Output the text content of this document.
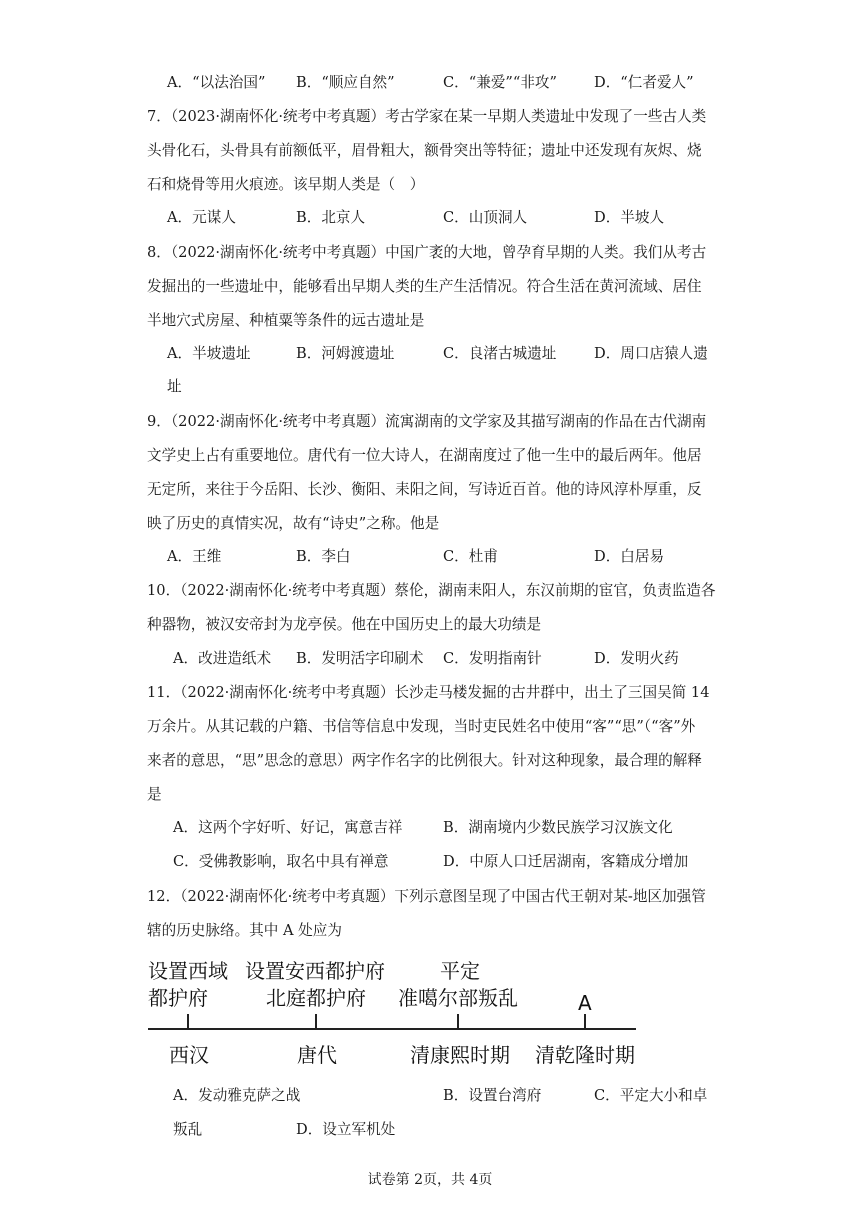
A．“以法治国” B．“顺应自然”	C．“兼爱”“非攻”	D．“仁者爱人”
7．（2023·湖南怀化·统考中考真题）考古学家在某一早期人类遗址中发现了一些古人类
头骨化石，头骨具有前额低平，眉骨粗大，额骨突出等特征；遗址中还发现有灰烬、烧
石和烧骨等用火痕迹。该早期人类是（　）
A．元谋人	B．北京人	C．山顶洞人	D．半坡人
8．（2022·湖南怀化·统考中考真题）中国广袤的大地，曾孕育早期的人类。我们从考古
发掘出的一些遗址中，能够看出早期人类的生产生活情况。符合生活在黄河流域、居住
半地穴式房屋、种植粟等条件的远古遗址是
A．半坡遗址	B．河姆渡遗址	C．良渚古城遗址	D．周口店猿人遗
址
9．（2022·湖南怀化·统考中考真题）流寓湖南的文学家及其描写湖南的作品在古代湖南
文学史上占有重要地位。唐代有一位大诗人，在湖南度过了他一生中的最后两年。他居
无定所，来往于今岳阳、长沙、衡阳、耒阳之间，写诗近百首。他的诗风淳朴厚重，反
映了历史的真情实况，故有“诗史”之称。他是
A．王维	B．李白	C．杜甫	D．白居易
10．（2022·湖南怀化·统考中考真题）蔡伦，湖南耒阳人，东汉前期的宦官，负责监造各
种器物，被汉安帝封为龙亭侯。他在中国历史上的最大功绩是
A．改进造纸术 B．发明活字印刷术 C．发明指南针	D．发明火药
11．（2022·湖南怀化·统考中考真题）长沙走马楼发掘的古井群中，出土了三国吴简 14
万余片。从其记载的户籍、书信等信息中发现，当时吏民姓名中使用“客”“思”（“客”外
来者的意思，“思”思念的意思）两字作名字的比例很大。针对这种现象，最合理的解释
是
A．这两个字好听、好记，寓意吉祥	B．湖南境内少数民族学习汉族文化
C．受佛教影响，取名中具有禅意	D．中原人口迁居湖南，客籍成分增加
12．（2022·湖南怀化·统考中考真题）下列示意图呈现了中国古代王朝对某-地区加强管
辖的历史脉络。其中 A 处应为
设置西域
都护府
设置安西都护府
北庭都护府
平定
准噶尔部叛乱	A
西汉	唐代	清康熙时期 清乾隆时期
A．发动雅克萨之战	B．设置台湾府	C．平定大小和卓
叛乱	D．设立军机处
试卷第 2页，共 4页
